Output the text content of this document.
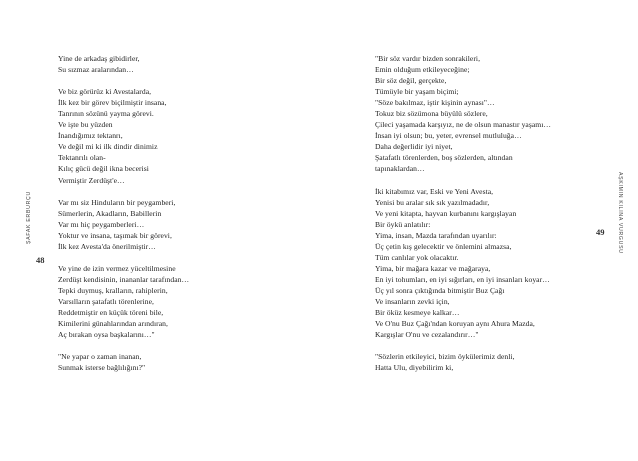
ŞAFAK ERBURÇU
48
Yine de arkadaş gibidirler,
Su sızmaz aralarından…
Ve biz görürüz ki Avestalarda,
İlk kez bir görev biçilmiştir insana,
Tanrının sözünü yayma görevi.
Ve işte bu yüzden
İnandığımız tektanrı,
Ve değil mi ki ilk dindir dinimiz
Tektanrılı olan-
Kılıç gücü değil ikna becerisi
Vermiştir Zerdüşt'e…
Var mı siz Hinduların bir peygamberi,
Sümerlerin, Akadların, Babillerin
Var mı hiç peygamberleri…
Yoktur ve insana, taşımak bir görevi,
İlk kez Avesta'da önerilmiştir…
Ve yine de izin vermez yüceltilmesine
Zerdüşt kendisinin, inananlar tarafından…
Tepki duymuş, kralların, rahiplerin,
Varsılların şatafatlı törenlerine,
Reddetmiştir en küçük töreni bile,
Kimilerini günahlarından arındıran,
Aç bırakan oysa başkalarını…"
"Ne yapar o zaman inanan,
Sunmak isterse bağlılığını?"
AŞKIMIN KILINA VURGUSU
49
"Bir söz vardır bizden sonrakileri,
Emin olduğum etkileyeceğine;
Bir söz değil, gerçekte,
Tümüyle bir yaşam biçimi;
"Söze bakılmaz, iştir kişinin aynası"…
Tokuz biz sözümona büyülü sözlere,
Çileci yaşamada karşıyız, ne de olsun manastır yaşamı…
İnsan iyi olsun; bu, yeter, evrensel mutluluğa…
Daha değerlidir iyi niyet,
Şatafatlı törenlerden, boş sözlerden, altından
tapınaklardan…
İki kitabımız var, Eski ve Yeni Avesta,
Yenisi bu aralar sık sık yazılmadadır,
Ve yeni kitapta, hayvan kurbanını kargışlayan
Bir öykü anlatılır:
Yima, insan, Mazda tarafından uyarılır:
Üç çetin kış gelecektir ve önlemini almazsa,
Tüm canlılar yok olacaktır.
Yima, bir mağara kazar ve mağaraya,
En iyi tohumları, en iyi sığırları, en iyi insanları koyar…
Üç yıl sonra çıktığında bitmiştir Buz Çağı
Ve insanların zevki için,
Bir öküz kesmeye kalkar…
Ve O'nu Buz Çağı'ndan koruyan aynı Ahura Mazda,
Kargışlar O'nu ve cezalandırır…"
"Sözlerin etkileyici, bizim öykülerimiz denli,
Hatta Ulu, diyebilirim ki,
